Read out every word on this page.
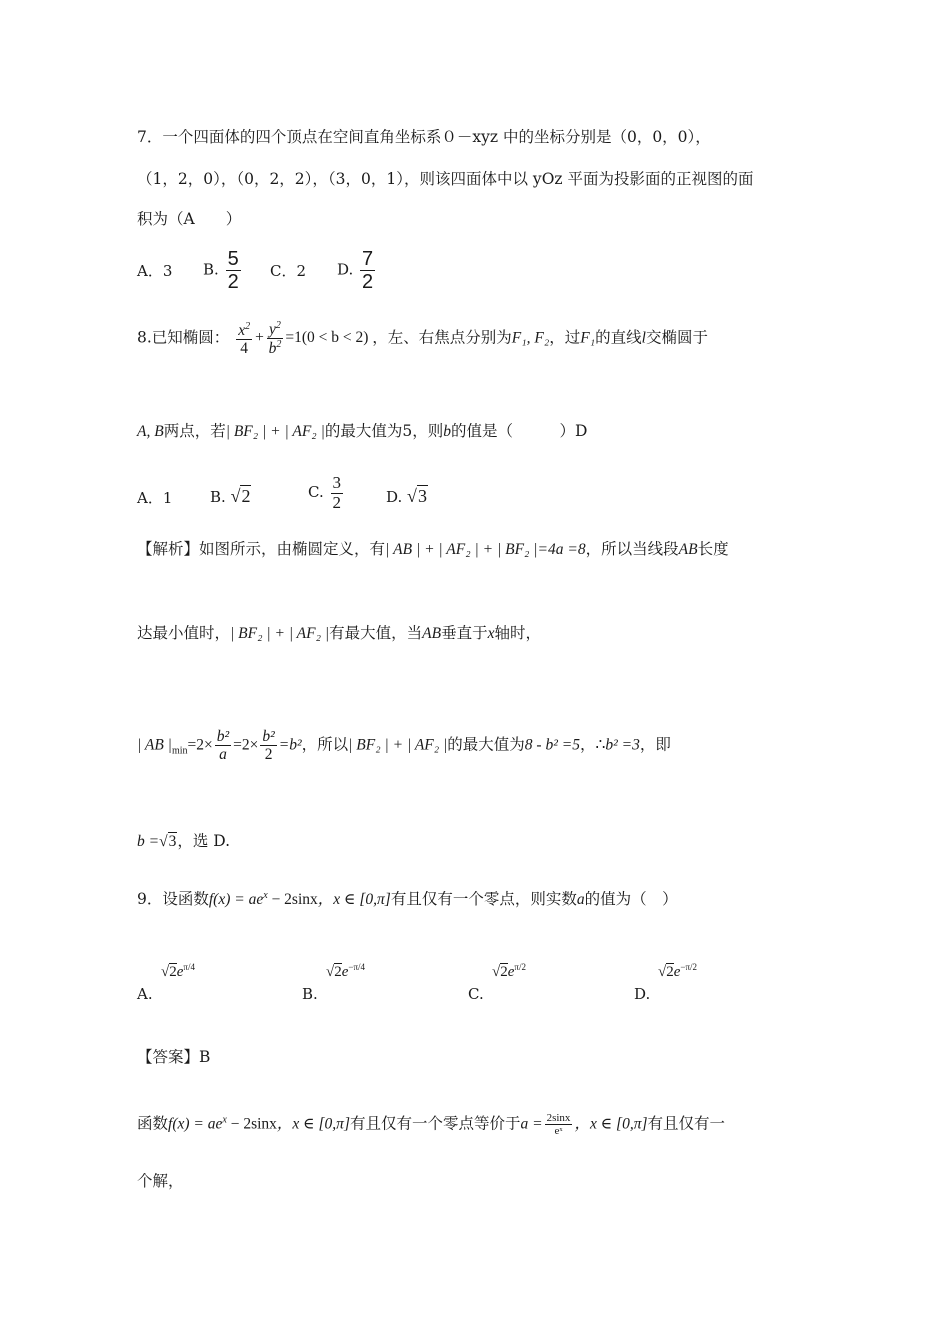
7．一个四面体的四个顶点在空间直角坐标系０－xyz 中的坐标分别是（0，0，0），
（1，2，0），（0，2，2），（3，0，1），则该四面体中以 yOz 平面为投影面的正视图的面
积为（A　　）
A．3 B. $\frac{5}{2}$ C．2 D. $\frac{7}{2}$
8.已知椭圆： $\frac{x^2}{4} + \frac{y^2}{b^2} =1(0 < b < 2)$ ，左、右焦点分别为F₁, F₂，过F₁的直线l交椭圆于
A, B两点，若| BF₂ | + | AF₂ |的最大值为5，则b的值是（　　　）D
A．1	B. √2	C. $\frac{3}{2}$	D. √3
【解析】如图所示，由椭圆定义，有| AB | + | AF₂ | + | BF₂ |=4a =8，所以当线段AB长度
达最小值时，| BF₂ | + | AF₂ |有最大值，当AB垂直于x轴时，
| AB $|_{min}=2\times \frac{\text{b²}}{a} =2\times \frac{\text{b²}}{2} =b^2$，所以| BF₂ | + | AF₂ |的最大值为8 - b² =5，∴b² =3，即
b =√3，选 D.
9．设函数$f(x) = ae^x - 2\sin x$，x ∈ [0,π]有且仅有一个零点，则实数a的值为（　）
A.
$√2e^{\pi/4}$
B.
$√2e^{-\pi/4}$
C.
$√2e^{\pi/2}$
D.
$√2e^{-\pi/2}$
【答案】B
函数$f(x) = ae^x - 2\sin x$，x ∈ [0,π]有且仅有一个零点等价于$a = \frac{2\sin x}{\text{eˣ}}$ ，x ∈ [0,π]有且仅有一
个解，
